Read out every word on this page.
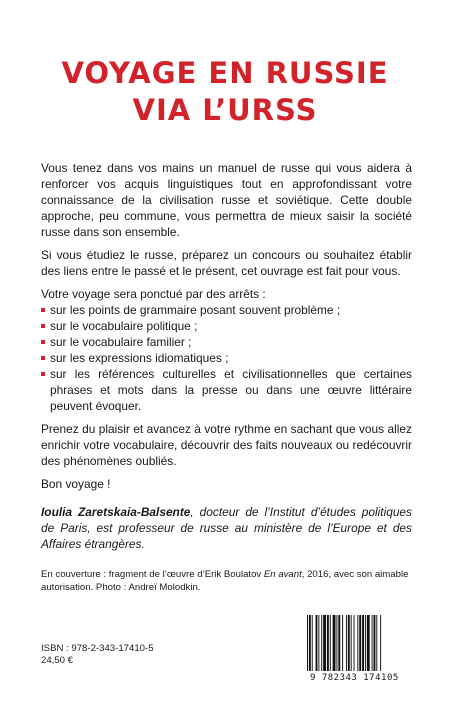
VOYAGE EN RUSSIE
VIA L’URSS

Vous tenez dans vos mains un manuel de russe qui vous aidera à renforcer vos acquis linguistiques tout en approfondissant votre connaissance de la civilisation russe et soviétique. Cette double approche, peu commune, vous permettra de mieux saisir la société russe dans son ensemble.

Si vous étudiez le russe, préparez un concours ou souhaitez établir des liens entre le passé et le présent, cet ouvrage est fait pour vous.

Votre voyage sera ponctué par des arrêts :

sur les points de grammaire posant souvent problème ;
sur le vocabulaire politique ;
sur le vocabulaire familier ;
sur les expressions idiomatiques ;
sur les références culturelles et civilisationnelles que certaines phrases et mots dans la presse ou dans une œuvre littéraire peuvent évoquer.

Prenez du plaisir et avancez à votre rythme en sachant que vous allez enrichir votre vocabulaire, découvrir des faits nouveaux ou redécouvrir des phénomènes oubliés.

Bon voyage !

Ioulia Zaretskaia-Balsente, docteur de l’Institut d’études politiques de Paris, est professeur de russe au ministère de l’Europe et des Affaires étrangères.

En couverture : fragment de l’œuvre d’Erik Boulatov En avant, 2016, avec son aimable autorisation. Photo : Andreï Molodkin.
ISBN : 978-2-343-17410-5
24,50 €
9 782343 174105
